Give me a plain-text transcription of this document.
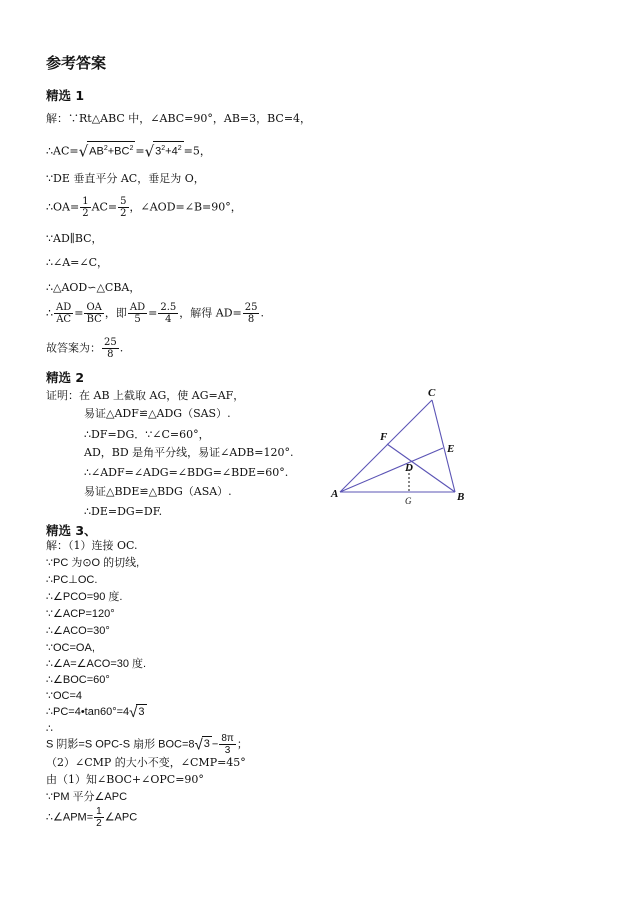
参考答案
精选 1
解：∵Rt△ABC 中，∠ABC=90°，AB=3，BC=4，
$\therefore AC=√AB^2+BC^2 =√3^2+4^2 =5$，
∵DE 垂直平分 AC，垂足为 O，
∴OA= $\frac{1}{2} AC= \frac{5}{2}$ ，∠AOD=∠B=90°，
∵AD∥BC，
∴∠A=∠C，
∴△AOD∽△CBA，
∴ $\frac{AD}{AC} = \frac{OA}{BC}$ ，即 $\frac{AD}{5} = \frac{2.5}{4}$ ，解得 $AD= \frac{25}{8}$ .
故答案为： $\frac{25}{8}$ .
精选 2
证明：在 AB 上截取 AG，使 AG=AF，
易证△ADF≌△ADG（SAS）.
∴DF=DG．∵∠C=60°，
AD，BD 是角平分线，易证∠ADB=120°.
∴∠ADF=∠ADG=∠BDG=∠BDE=60°.
易证△BDE≌△BDG（ASA）.
∴DE=DG=DF.
C
F
E
D
A	B
G
精选 3、
解：（1）连接 OC.
∵PC 为⊙O 的切线,
∴PC⊥OC.
∴∠PCO=90 度.
∵∠ACP=120°
∴∠ACO=30°
∵OC=OA,
∴∠A=∠ACO=30 度.
∴∠BOC=60°
∵OC=4
∴PC=4•tan60°=4√3
∴
S 阴影=S OPC-S 扇形 $BOC=8√3 - \frac{8\pi}{3}$ ；
（2）∠CMP 的大小不变，∠CMP=45°
由（1）知∠BOC+∠OPC=90°
∵PM 平分∠APC
∴∠APM= $\frac{1}{2}$ ∠APC
